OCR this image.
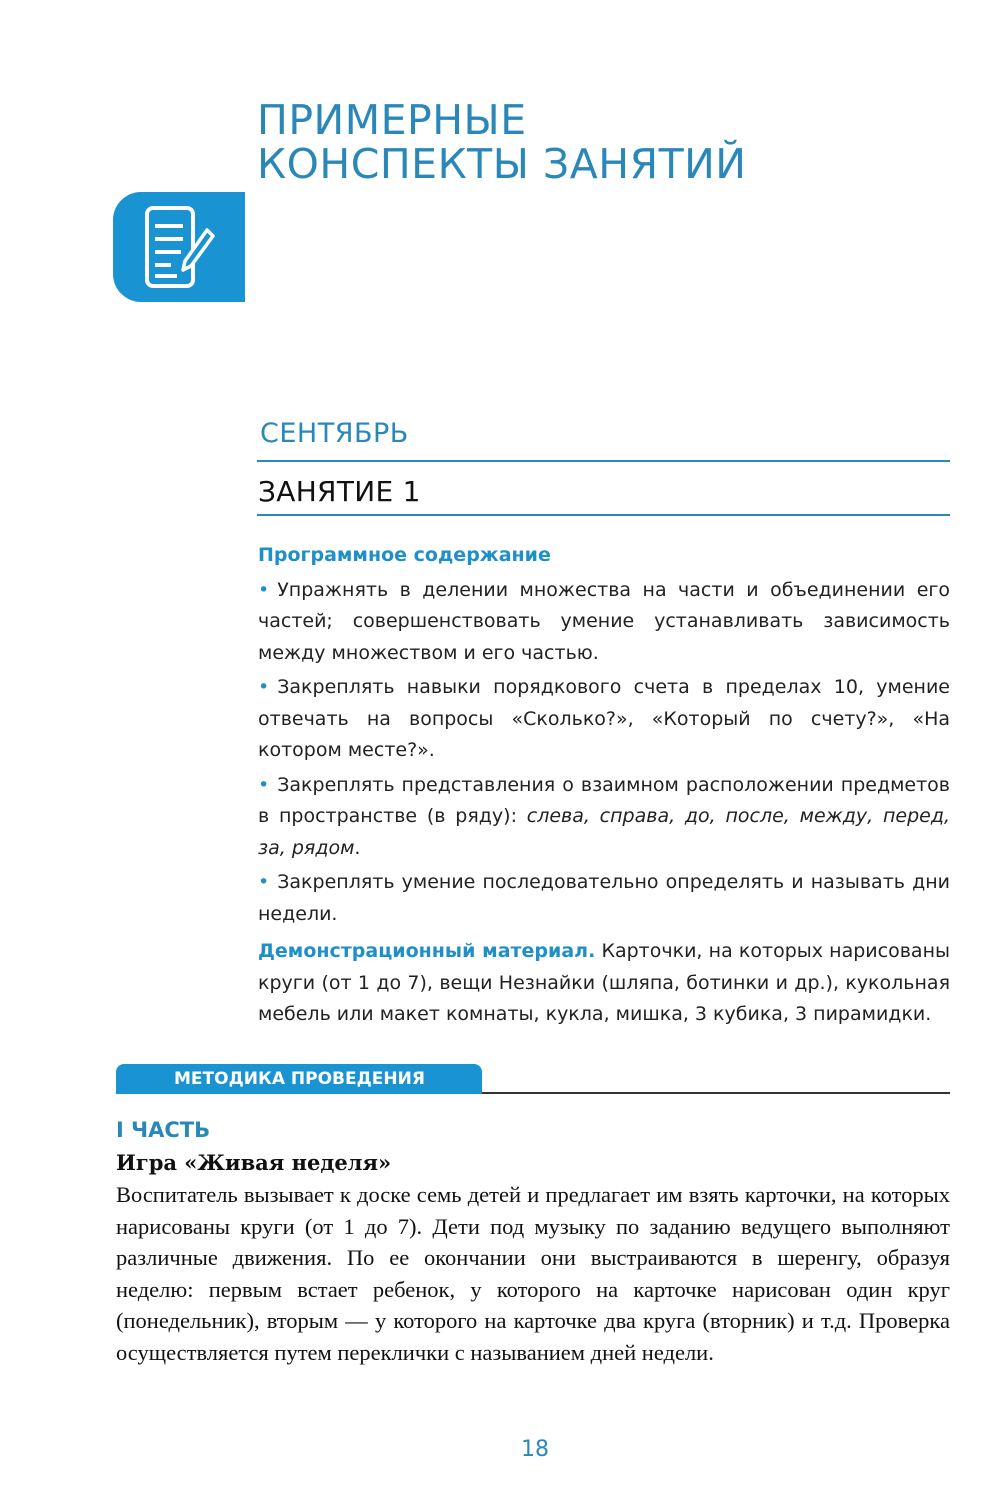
ПРИМЕРНЫЕ
КОНСПЕКТЫ ЗАНЯТИЙ
СЕНТЯБРЬ
ЗАНЯТИЕ 1

Программное содержание

• Упражнять в делении множества на части и объединении его частей; совершенствовать умение устанавливать зависимость между множеством и его частью.

• Закреплять навыки порядкового счета в пределах 10, умение отвечать на вопросы «Сколько?», «Который по счету?», «На котором месте?».

• Закреплять представления о взаимном расположении предметов в пространстве (в ряду): слева, справа, до, после, между, перед, за, рядом.

• Закреплять умение последовательно определять и называть дни недели.

Демонстрационный материал. Карточки, на которых нарисованы круги (от 1 до 7), вещи Незнайки (шляпа, ботинки и др.), кукольная мебель или макет комнаты, кукла, мишка, 3 кубика, 3 пирамидки.

МЕТОДИКА ПРОВЕДЕНИЯ
I ЧАСТЬ
Игра «Живая неделя»
Воспитатель вызывает к доске семь детей и предлагает им взять карточки, на которых нарисованы круги (от 1 до 7). Дети под музыку по заданию ведущего выполняют различные движения. По ее окончании они выстраиваются в шеренгу, образуя неделю: первым встает ребенок, у которого на карточке нарисован один круг (понедельник), вторым — у которого на карточке два круга (вторник) и т.д. Проверка осуществляется путем переклички с называнием дней недели.
18
